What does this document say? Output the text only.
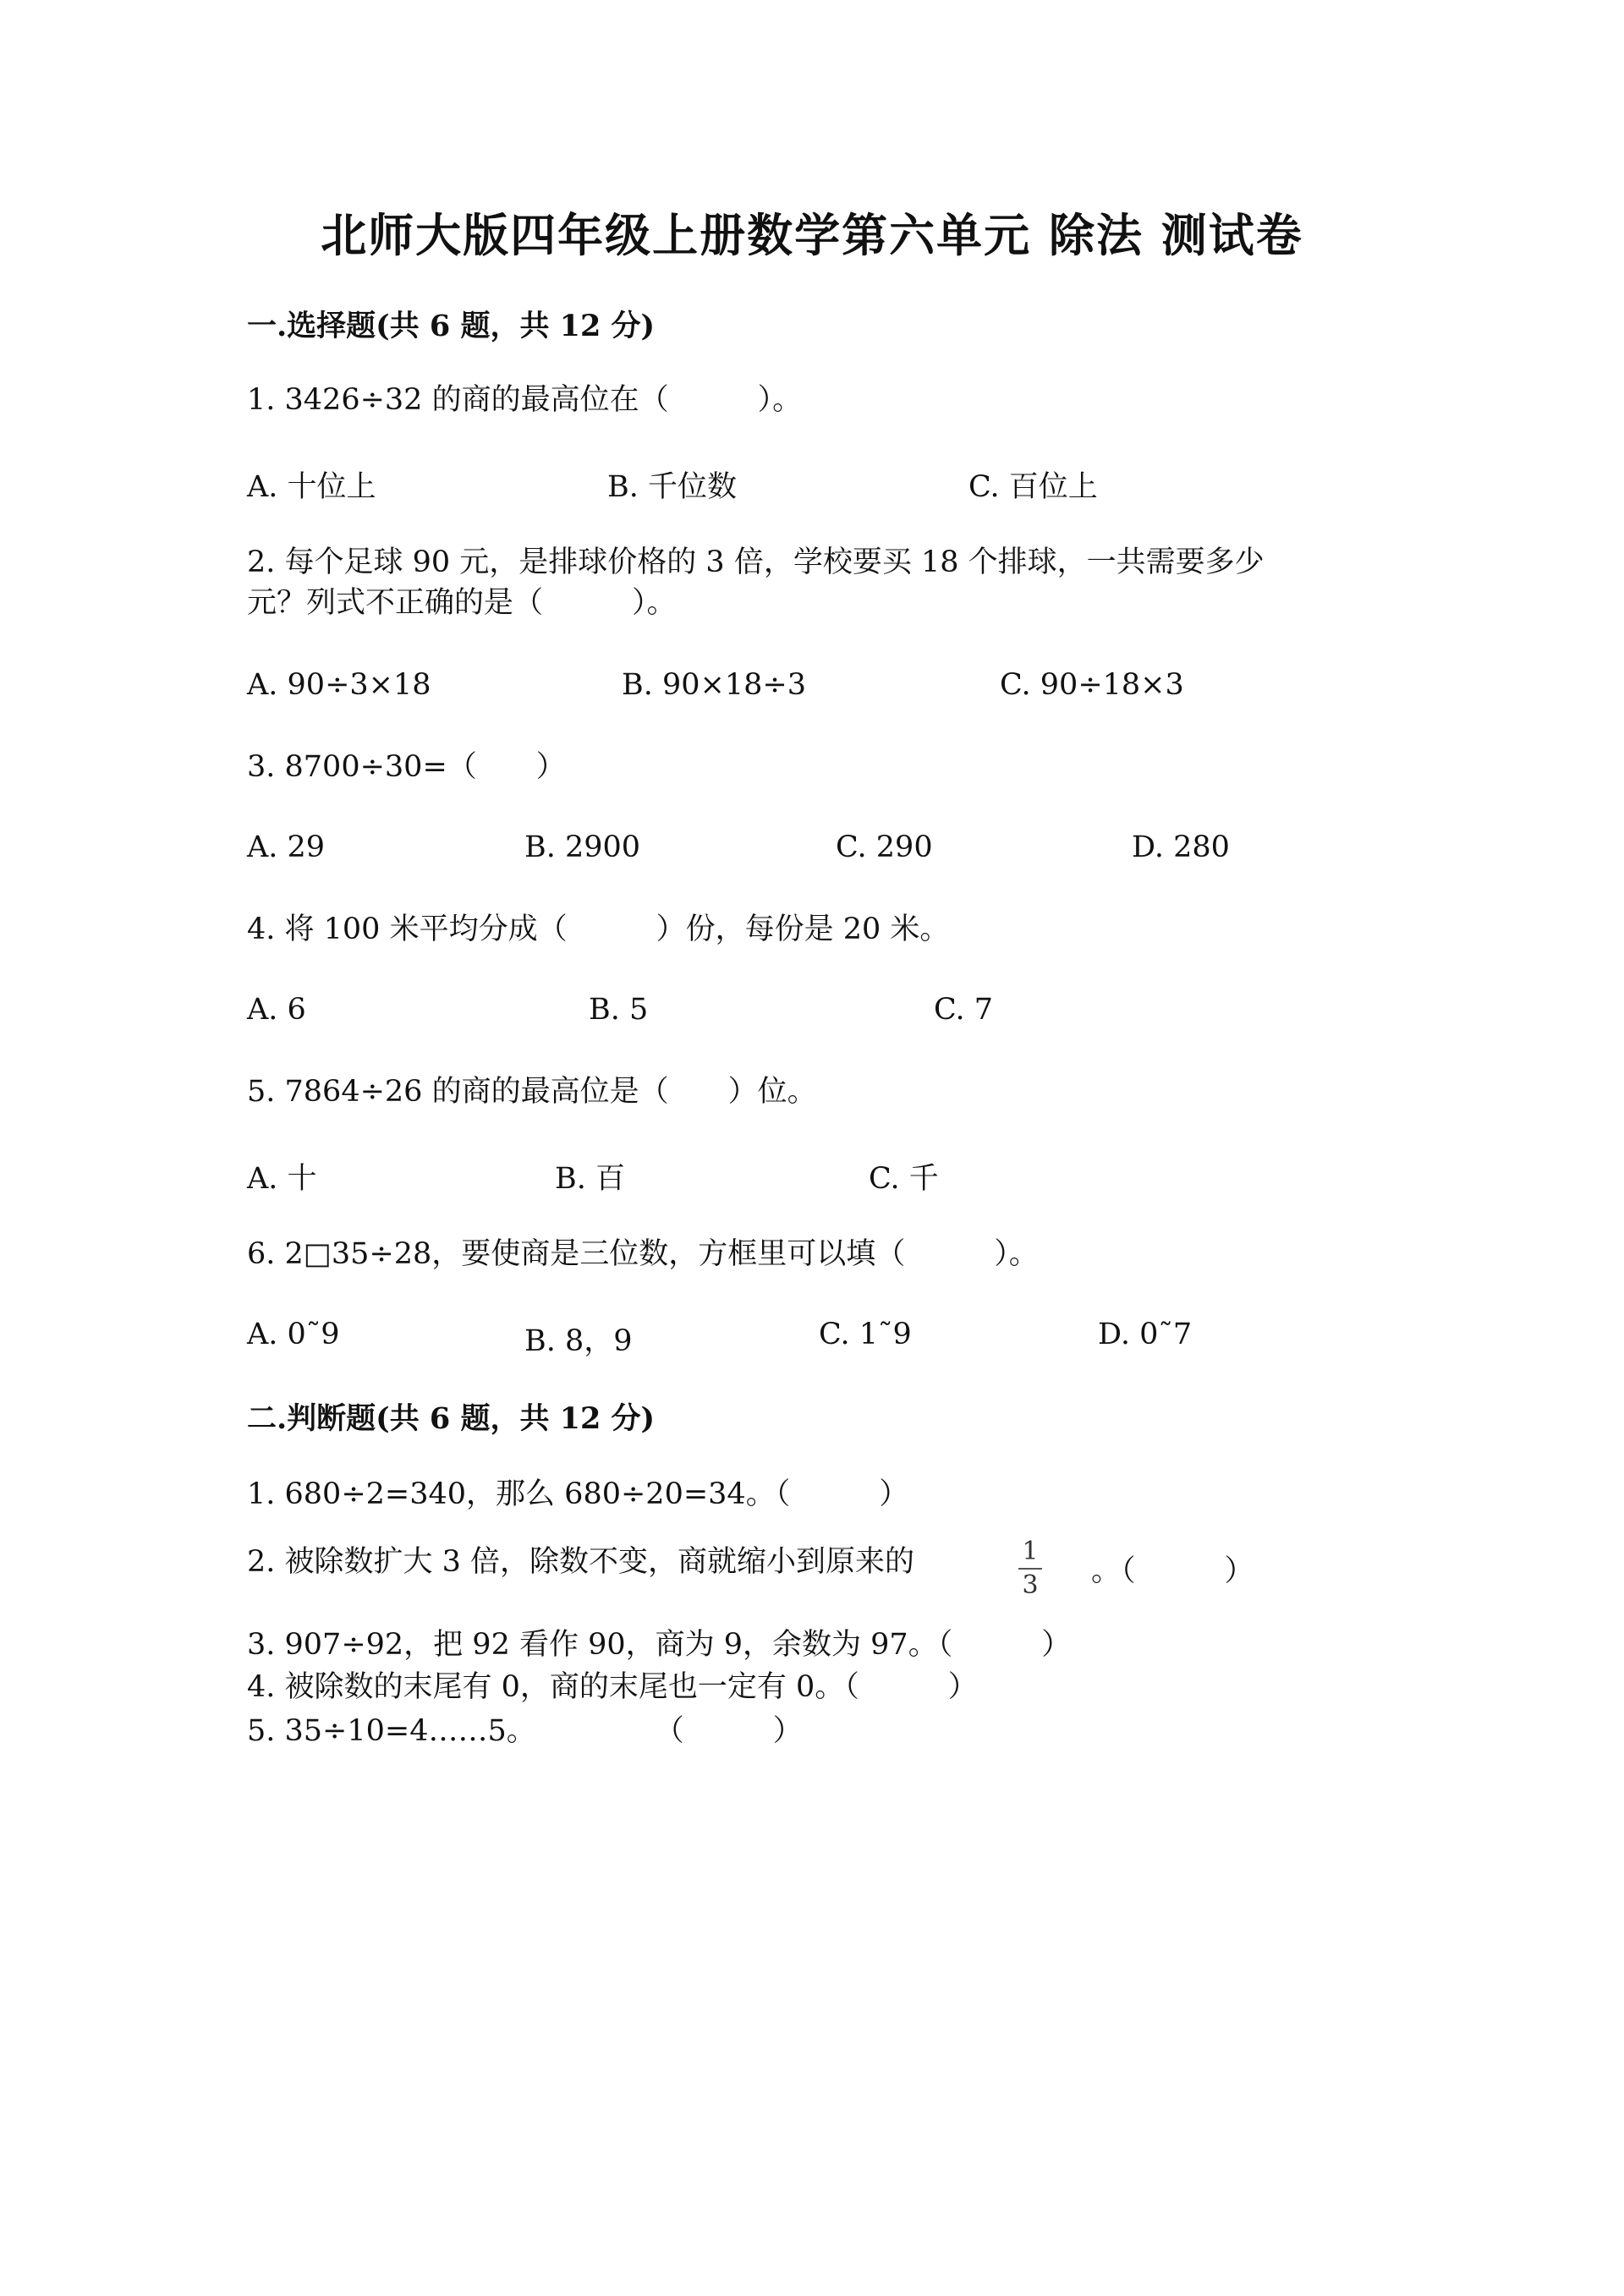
北师大版四年级上册数学第六单元 除法 测试卷
一.选择题(共 6 题，共 12 分)
1. 3426÷32 的商的最高位在（　　　）。
A. 十位上	B. 千位数	C. 百位上
2. 每个足球 90 元，是排球价格的 3 倍，学校要买 18 个排球，一共需要多少
元？列式不正确的是（　　　）。
A. 90÷3×18	B. 90×18÷3	C. 90÷18×3
3. 8700÷30=（　　）
A. 29	B. 2900	C. 290	D. 280
4. 将 100 米平均分成（　　　）份，每份是 20 米。
A. 6	B. 5	C. 7
5. 7864÷26 的商的最高位是（　　）位。
A. 十	B. 百	C. 千
6. 2□35÷28，要使商是三位数，方框里可以填（　　　）。
A. 0˜9	B. 8，9	C. 1˜9	D. 0˜7
二.判断题(共 6 题，共 12 分)
1. 680÷2=340，那么 680÷20=34。（　　　）
2. 被除数扩大 3 倍，除数不变，商就缩小到原来的	1
3 。（　　　）
3. 907÷92，把 92 看作 90，商为 9，余数为 97。（　　　）
4. 被除数的末尾有 0，商的末尾也一定有 0。（　　　）
5. 35÷10=4……5。　　　　　（　　　）
